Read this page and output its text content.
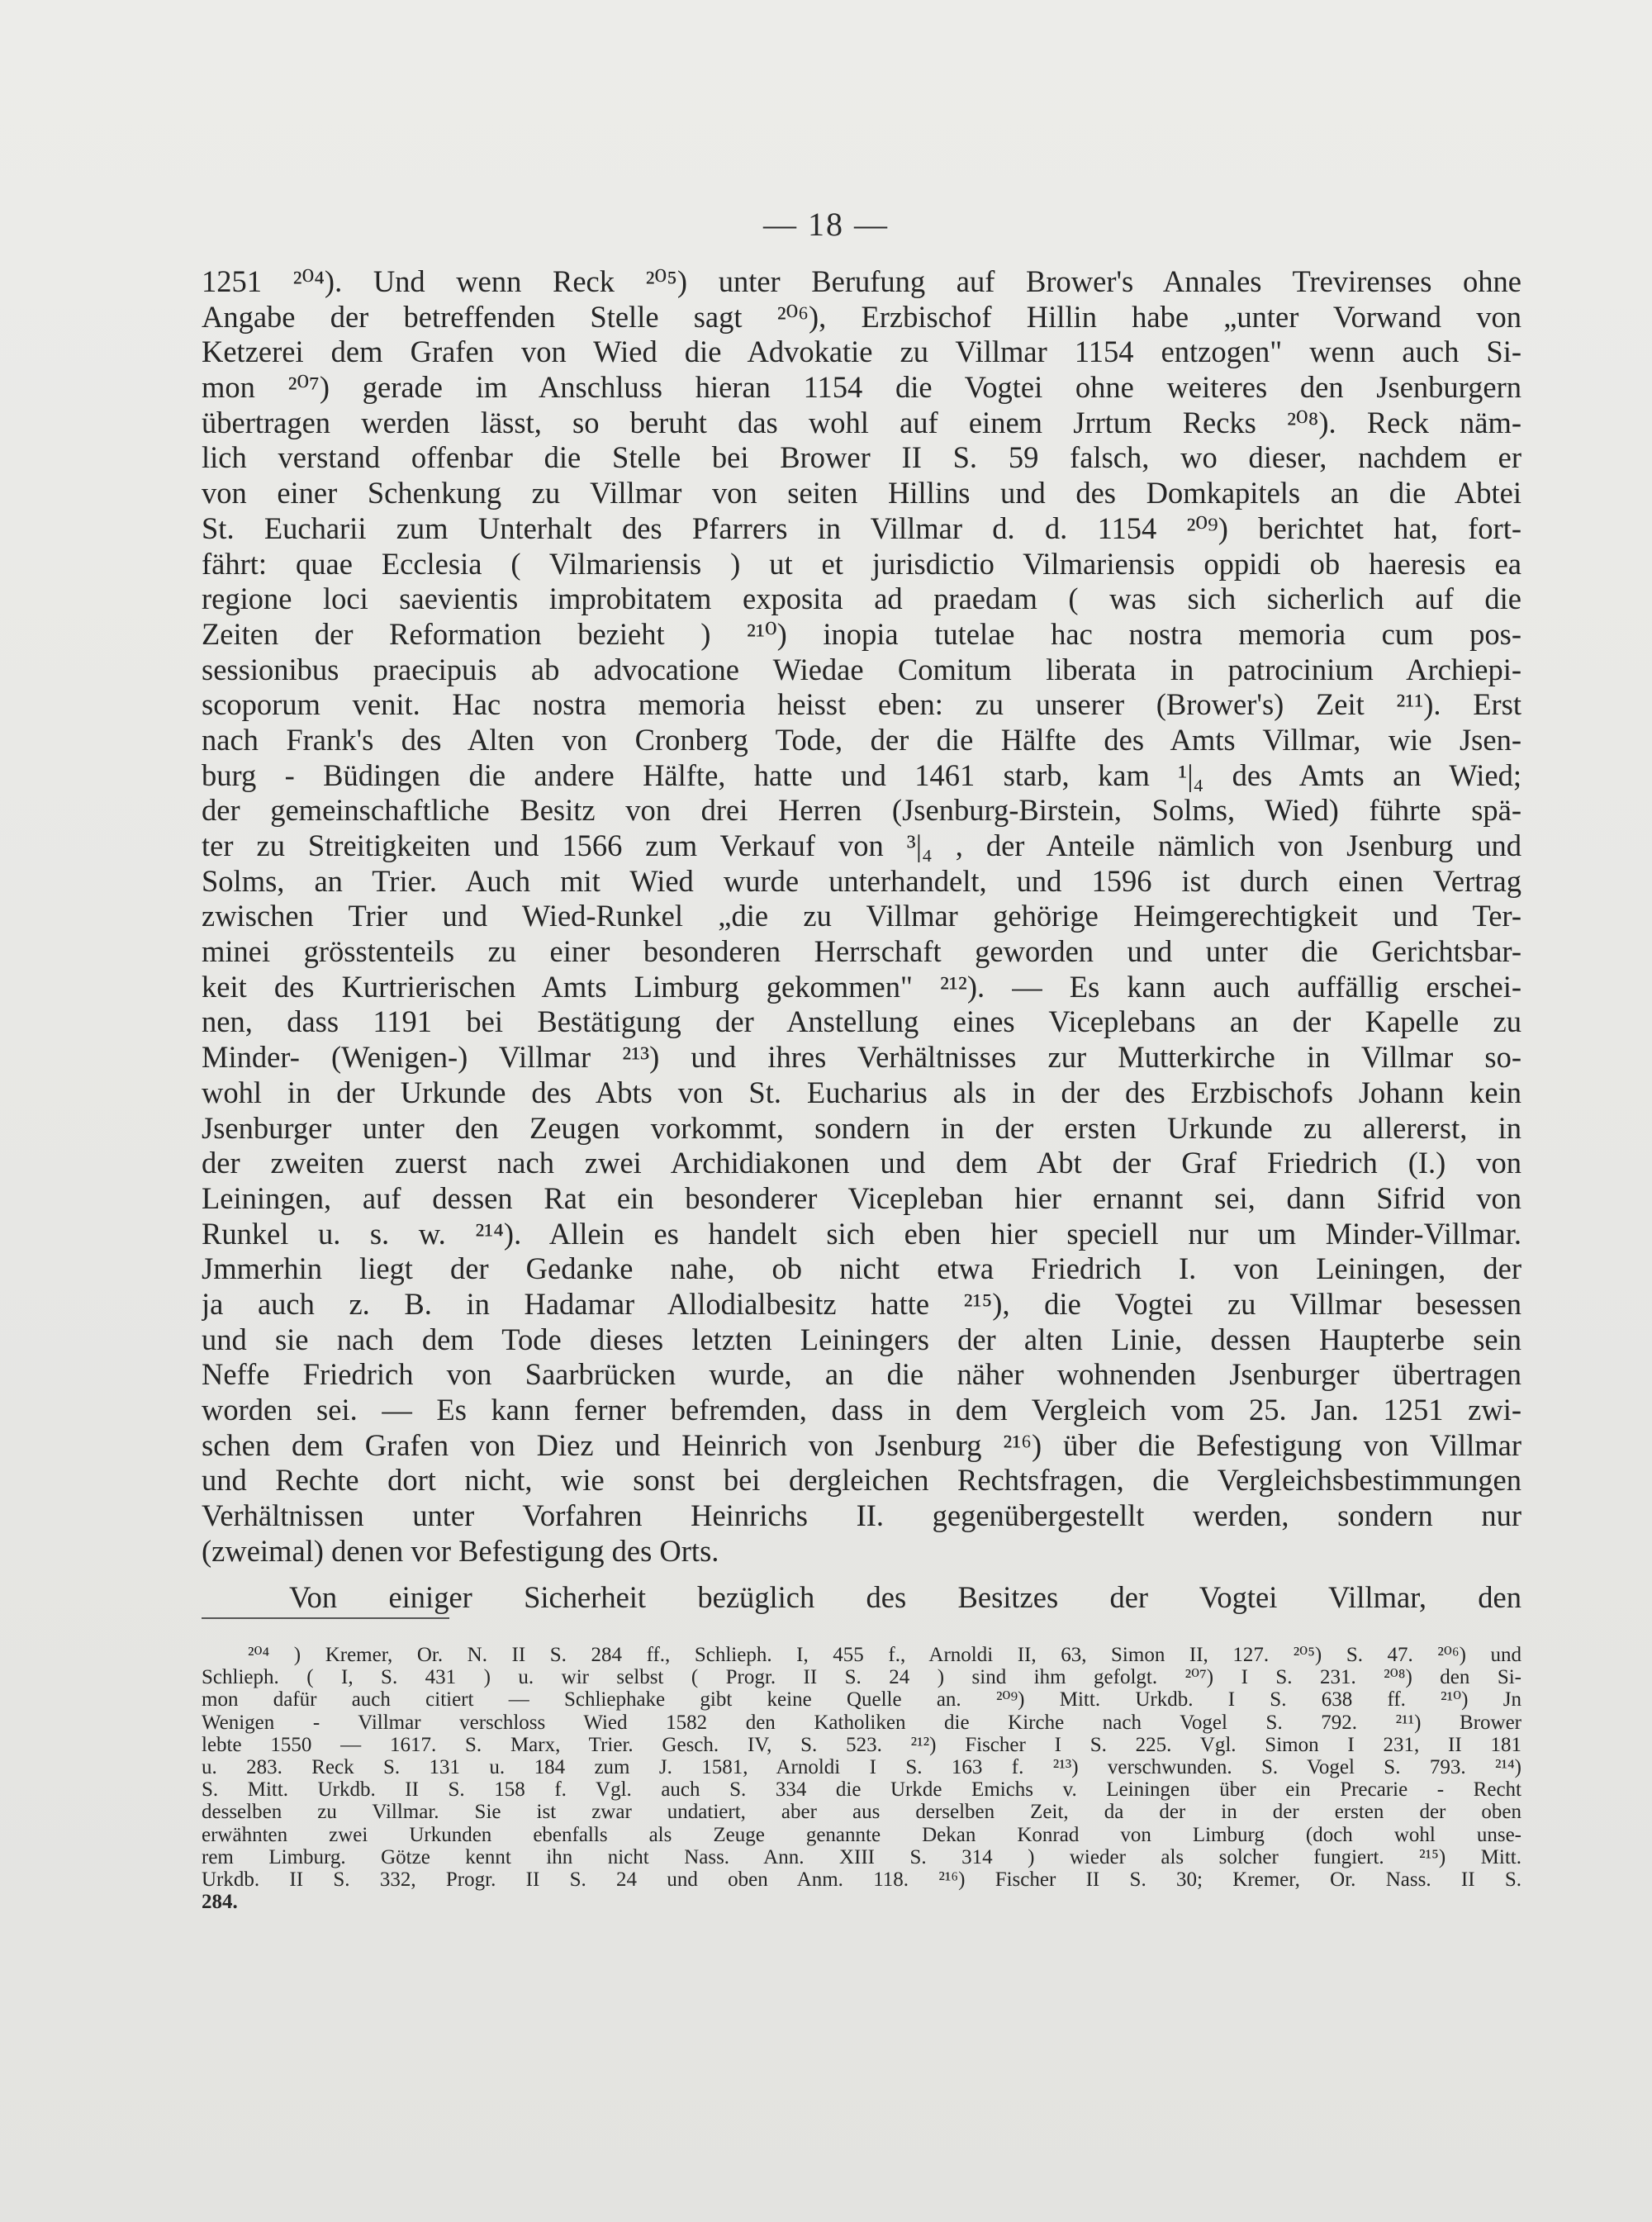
— 18 —
1251 ²⁰⁴). Und wenn Reck ²⁰⁵) unter Berufung auf Brower's Annales Trevirenses ohne
Angabe der betreffenden Stelle sagt ²⁰⁶), Erzbischof Hillin habe „unter Vorwand von
Ketzerei dem Grafen von Wied die Advokatie zu Villmar 1154 entzogen" wenn auch Si-
mon ²⁰⁷) gerade im Anschluss hieran 1154 die Vogtei ohne weiteres den Jsenburgern
übertragen werden lässt, so beruht das wohl auf einem Jrrtum Recks ²⁰⁸). Reck näm-
lich verstand offenbar die Stelle bei Brower II S. 59 falsch, wo dieser, nachdem er
von einer Schenkung zu Villmar von seiten Hillins und des Domkapitels an die Abtei
St. Eucharii zum Unterhalt des Pfarrers in Villmar d. d. 1154 ²⁰⁹) berichtet hat, fort-
fährt: quae Ecclesia ( Vilmariensis ) ut et jurisdictio Vilmariensis oppidi ob haeresis ea
regione loci saevientis improbitatem exposita ad praedam ( was sich sicherlich auf die
Zeiten der Reformation bezieht ) ²¹⁰) inopia tutelae hac nostra memoria cum pos-
sessionibus praecipuis ab advocatione Wiedae Comitum liberata in patrocinium Archiepi-
scoporum venit. Hac nostra memoria heisst eben: zu unserer (Brower's) Zeit ²¹¹). Erst
nach Frank's des Alten von Cronberg Tode, der die Hälfte des Amts Villmar, wie Jsen-
burg - Büdingen die andere Hälfte, hatte und 1461 starb, kam ¹|₄ des Amts an Wied;
der gemeinschaftliche Besitz von drei Herren (Jsenburg-Birstein, Solms, Wied) führte spä-
ter zu Streitigkeiten und 1566 zum Verkauf von ³|₄ , der Anteile nämlich von Jsenburg und
Solms, an Trier. Auch mit Wied wurde unterhandelt, und 1596 ist durch einen Vertrag
zwischen Trier und Wied-Runkel „die zu Villmar gehörige Heimgerechtigkeit und Ter-
minei grösstenteils zu einer besonderen Herrschaft geworden und unter die Gerichtsbar-
keit des Kurtrierischen Amts Limburg gekommen" ²¹²). — Es kann auch auffällig erschei-
nen, dass 1191 bei Bestätigung der Anstellung eines Viceplebans an der Kapelle zu
Minder- (Wenigen-) Villmar ²¹³) und ihres Verhältnisses zur Mutterkirche in Villmar so-
wohl in der Urkunde des Abts von St. Eucharius als in der des Erzbischofs Johann kein
Jsenburger unter den Zeugen vorkommt, sondern in der ersten Urkunde zu allererst, in
der zweiten zuerst nach zwei Archidiakonen und dem Abt der Graf Friedrich (I.) von
Leiningen, auf dessen Rat ein besonderer Vicepleban hier ernannt sei, dann Sifrid von
Runkel u. s. w. ²¹⁴). Allein es handelt sich eben hier speciell nur um Minder-Villmar.
Jmmerhin liegt der Gedanke nahe, ob nicht etwa Friedrich I. von Leiningen, der
ja auch z. B. in Hadamar Allodialbesitz hatte ²¹⁵), die Vogtei zu Villmar besessen
und sie nach dem Tode dieses letzten Leiningers der alten Linie, dessen Haupterbe sein
Neffe Friedrich von Saarbrücken wurde, an die näher wohnenden Jsenburger übertragen
worden sei. — Es kann ferner befremden, dass in dem Vergleich vom 25. Jan. 1251 zwi-
schen dem Grafen von Diez und Heinrich von Jsenburg ²¹⁶) über die Befestigung von Villmar
und Rechte dort nicht, wie sonst bei dergleichen Rechtsfragen, die Vergleichsbestimmungen
Verhältnissen unter Vorfahren Heinrichs II. gegenübergestellt werden, sondern nur
(zweimal) denen vor Befestigung des Orts.
Von einiger Sicherheit bezüglich des Besitzes der Vogtei Villmar, den
²⁰⁴ ) Kremer, Or. N. II S. 284 ff., Schlieph. I, 455 f., Arnoldi II, 63, Simon II, 127. ²⁰⁵) S. 47. ²⁰⁶) und
Schlieph. ( I, S. 431 ) u. wir selbst ( Progr. II S. 24 ) sind ihm gefolgt. ²⁰⁷) I S. 231. ²⁰⁸) den Si-
mon dafür auch citiert — Schliephake gibt keine Quelle an. ²⁰⁹) Mitt. Urkdb. I S. 638 ff. ²¹⁰) Jn
Wenigen - Villmar verschloss Wied 1582 den Katholiken die Kirche nach Vogel S. 792. ²¹¹) Brower
lebte 1550 — 1617. S. Marx, Trier. Gesch. IV, S. 523. ²¹²) Fischer I S. 225. Vgl. Simon I 231, II 181
u. 283. Reck S. 131 u. 184 zum J. 1581, Arnoldi I S. 163 f. ²¹³) verschwunden. S. Vogel S. 793. ²¹⁴)
S. Mitt. Urkdb. II S. 158 f. Vgl. auch S. 334 die Urkde Emichs v. Leiningen über ein Precarie - Recht
desselben zu Villmar. Sie ist zwar undatiert, aber aus derselben Zeit, da der in der ersten der oben
erwähnten zwei Urkunden ebenfalls als Zeuge genannte Dekan Konrad von Limburg (doch wohl unse-
rem Limburg. Götze kennt ihn nicht Nass. Ann. XIII S. 314 ) wieder als solcher fungiert. ²¹⁵) Mitt.
Urkdb. II S. 332, Progr. II S. 24 und oben Anm. 118. ²¹⁶) Fischer II S. 30; Kremer, Or. Nass. II S.
284.
